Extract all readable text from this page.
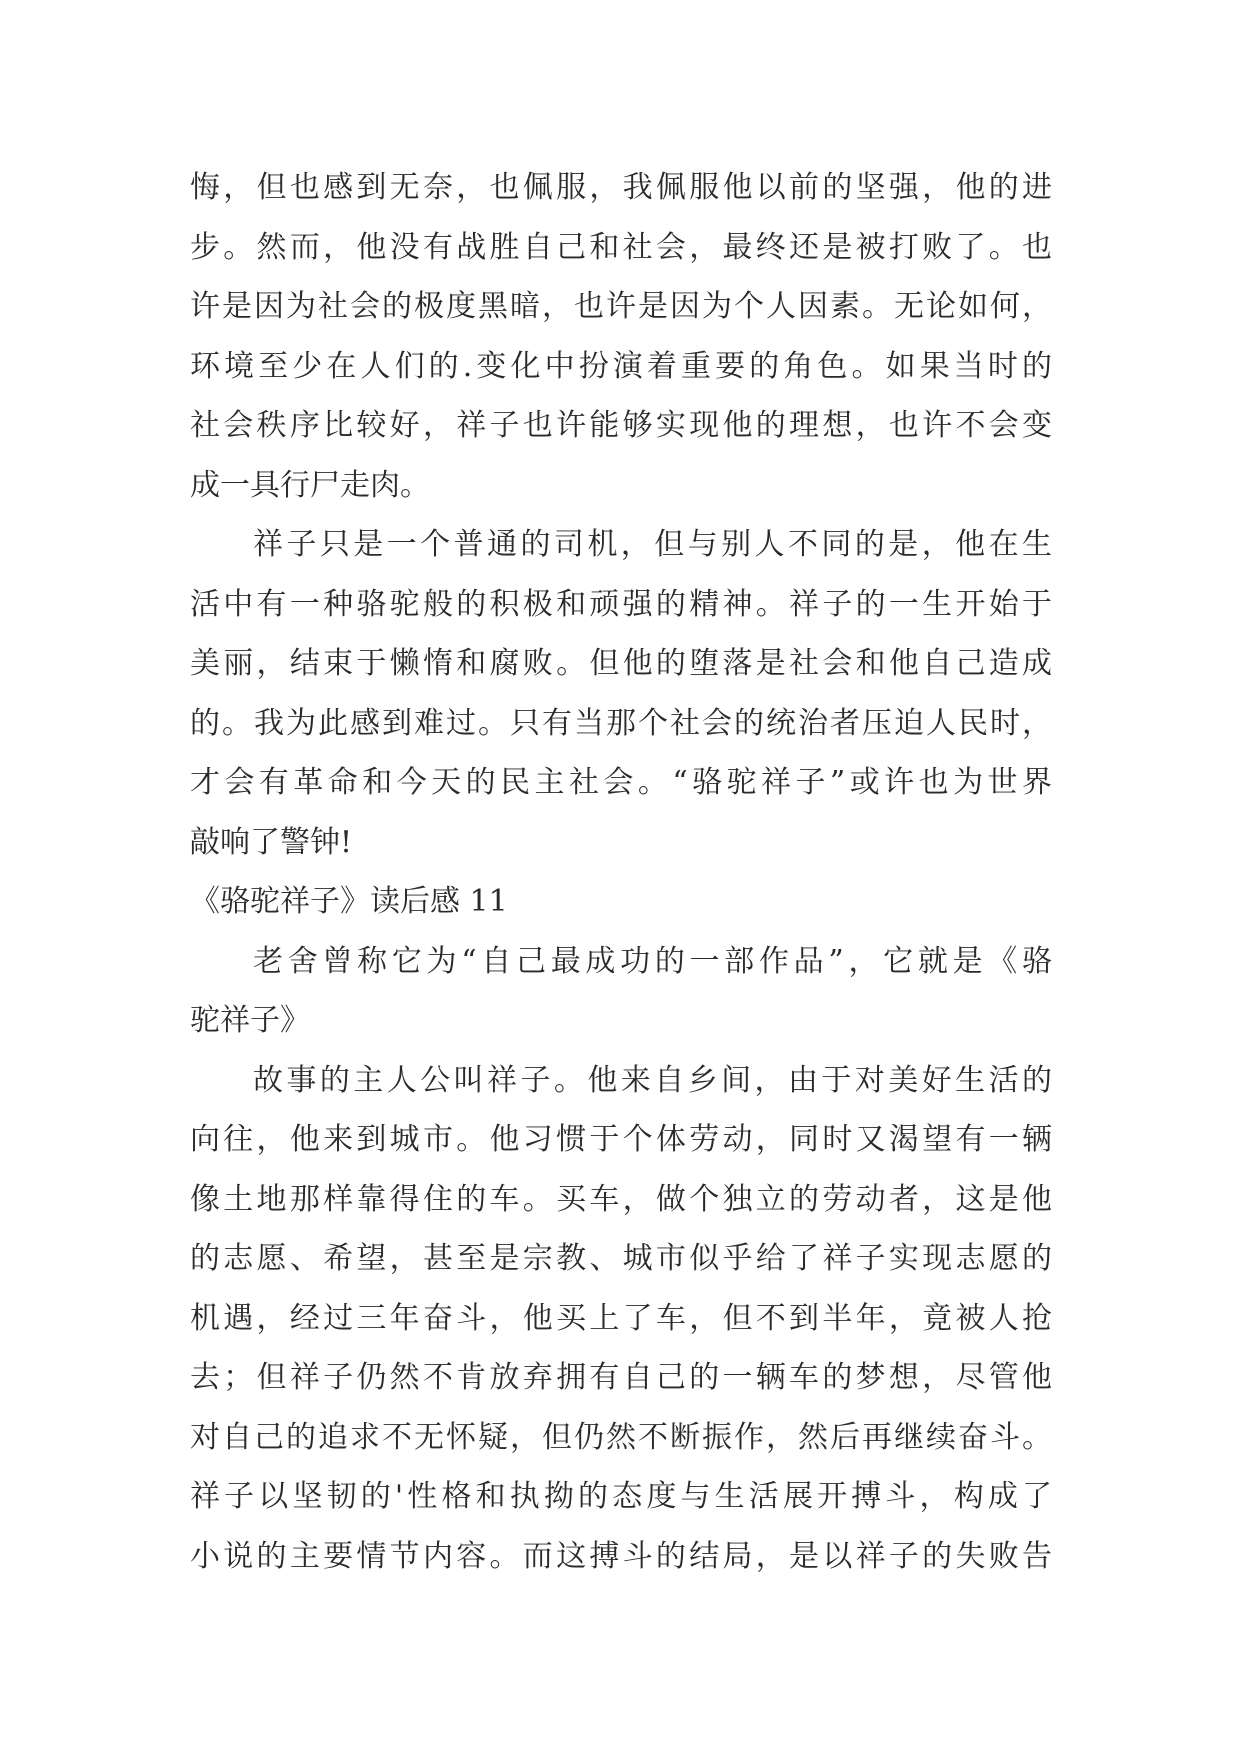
悔，但也感到无奈，也佩服，我佩服他以前的坚强，他的进
步。然而，他没有战胜自己和社会，最终还是被打败了。也
许是因为社会的极度黑暗，也许是因为个人因素。无论如何，
环境至少在人们的.变化中扮演着重要的角色。如果当时的
社会秩序比较好，祥子也许能够实现他的理想，也许不会变
成一具行尸走肉。
祥子只是一个普通的司机，但与别人不同的是，他在生
活中有一种骆驼般的积极和顽强的精神。祥子的一生开始于
美丽，结束于懒惰和腐败。但他的堕落是社会和他自己造成
的。我为此感到难过。只有当那个社会的统治者压迫人民时，
才会有革命和今天的民主社会。“骆驼祥子”或许也为世界
敲响了警钟!
《骆驼祥子》读后感 11
老舍曾称它为“自己最成功的一部作品”，它就是《骆
驼祥子》
故事的主人公叫祥子。他来自乡间，由于对美好生活的
向往，他来到城市。他习惯于个体劳动，同时又渴望有一辆
像土地那样靠得住的车。买车，做个独立的劳动者，这是他
的志愿、希望，甚至是宗教、城市似乎给了祥子实现志愿的
机遇，经过三年奋斗，他买上了车，但不到半年，竟被人抢
去；但祥子仍然不肯放弃拥有自己的一辆车的梦想，尽管他
对自己的追求不无怀疑，但仍然不断振作，然后再继续奋斗。
祥子以坚韧的'性格和执拗的态度与生活展开搏斗，构成了
小说的主要情节内容。而这搏斗的结局，是以祥子的失败告
